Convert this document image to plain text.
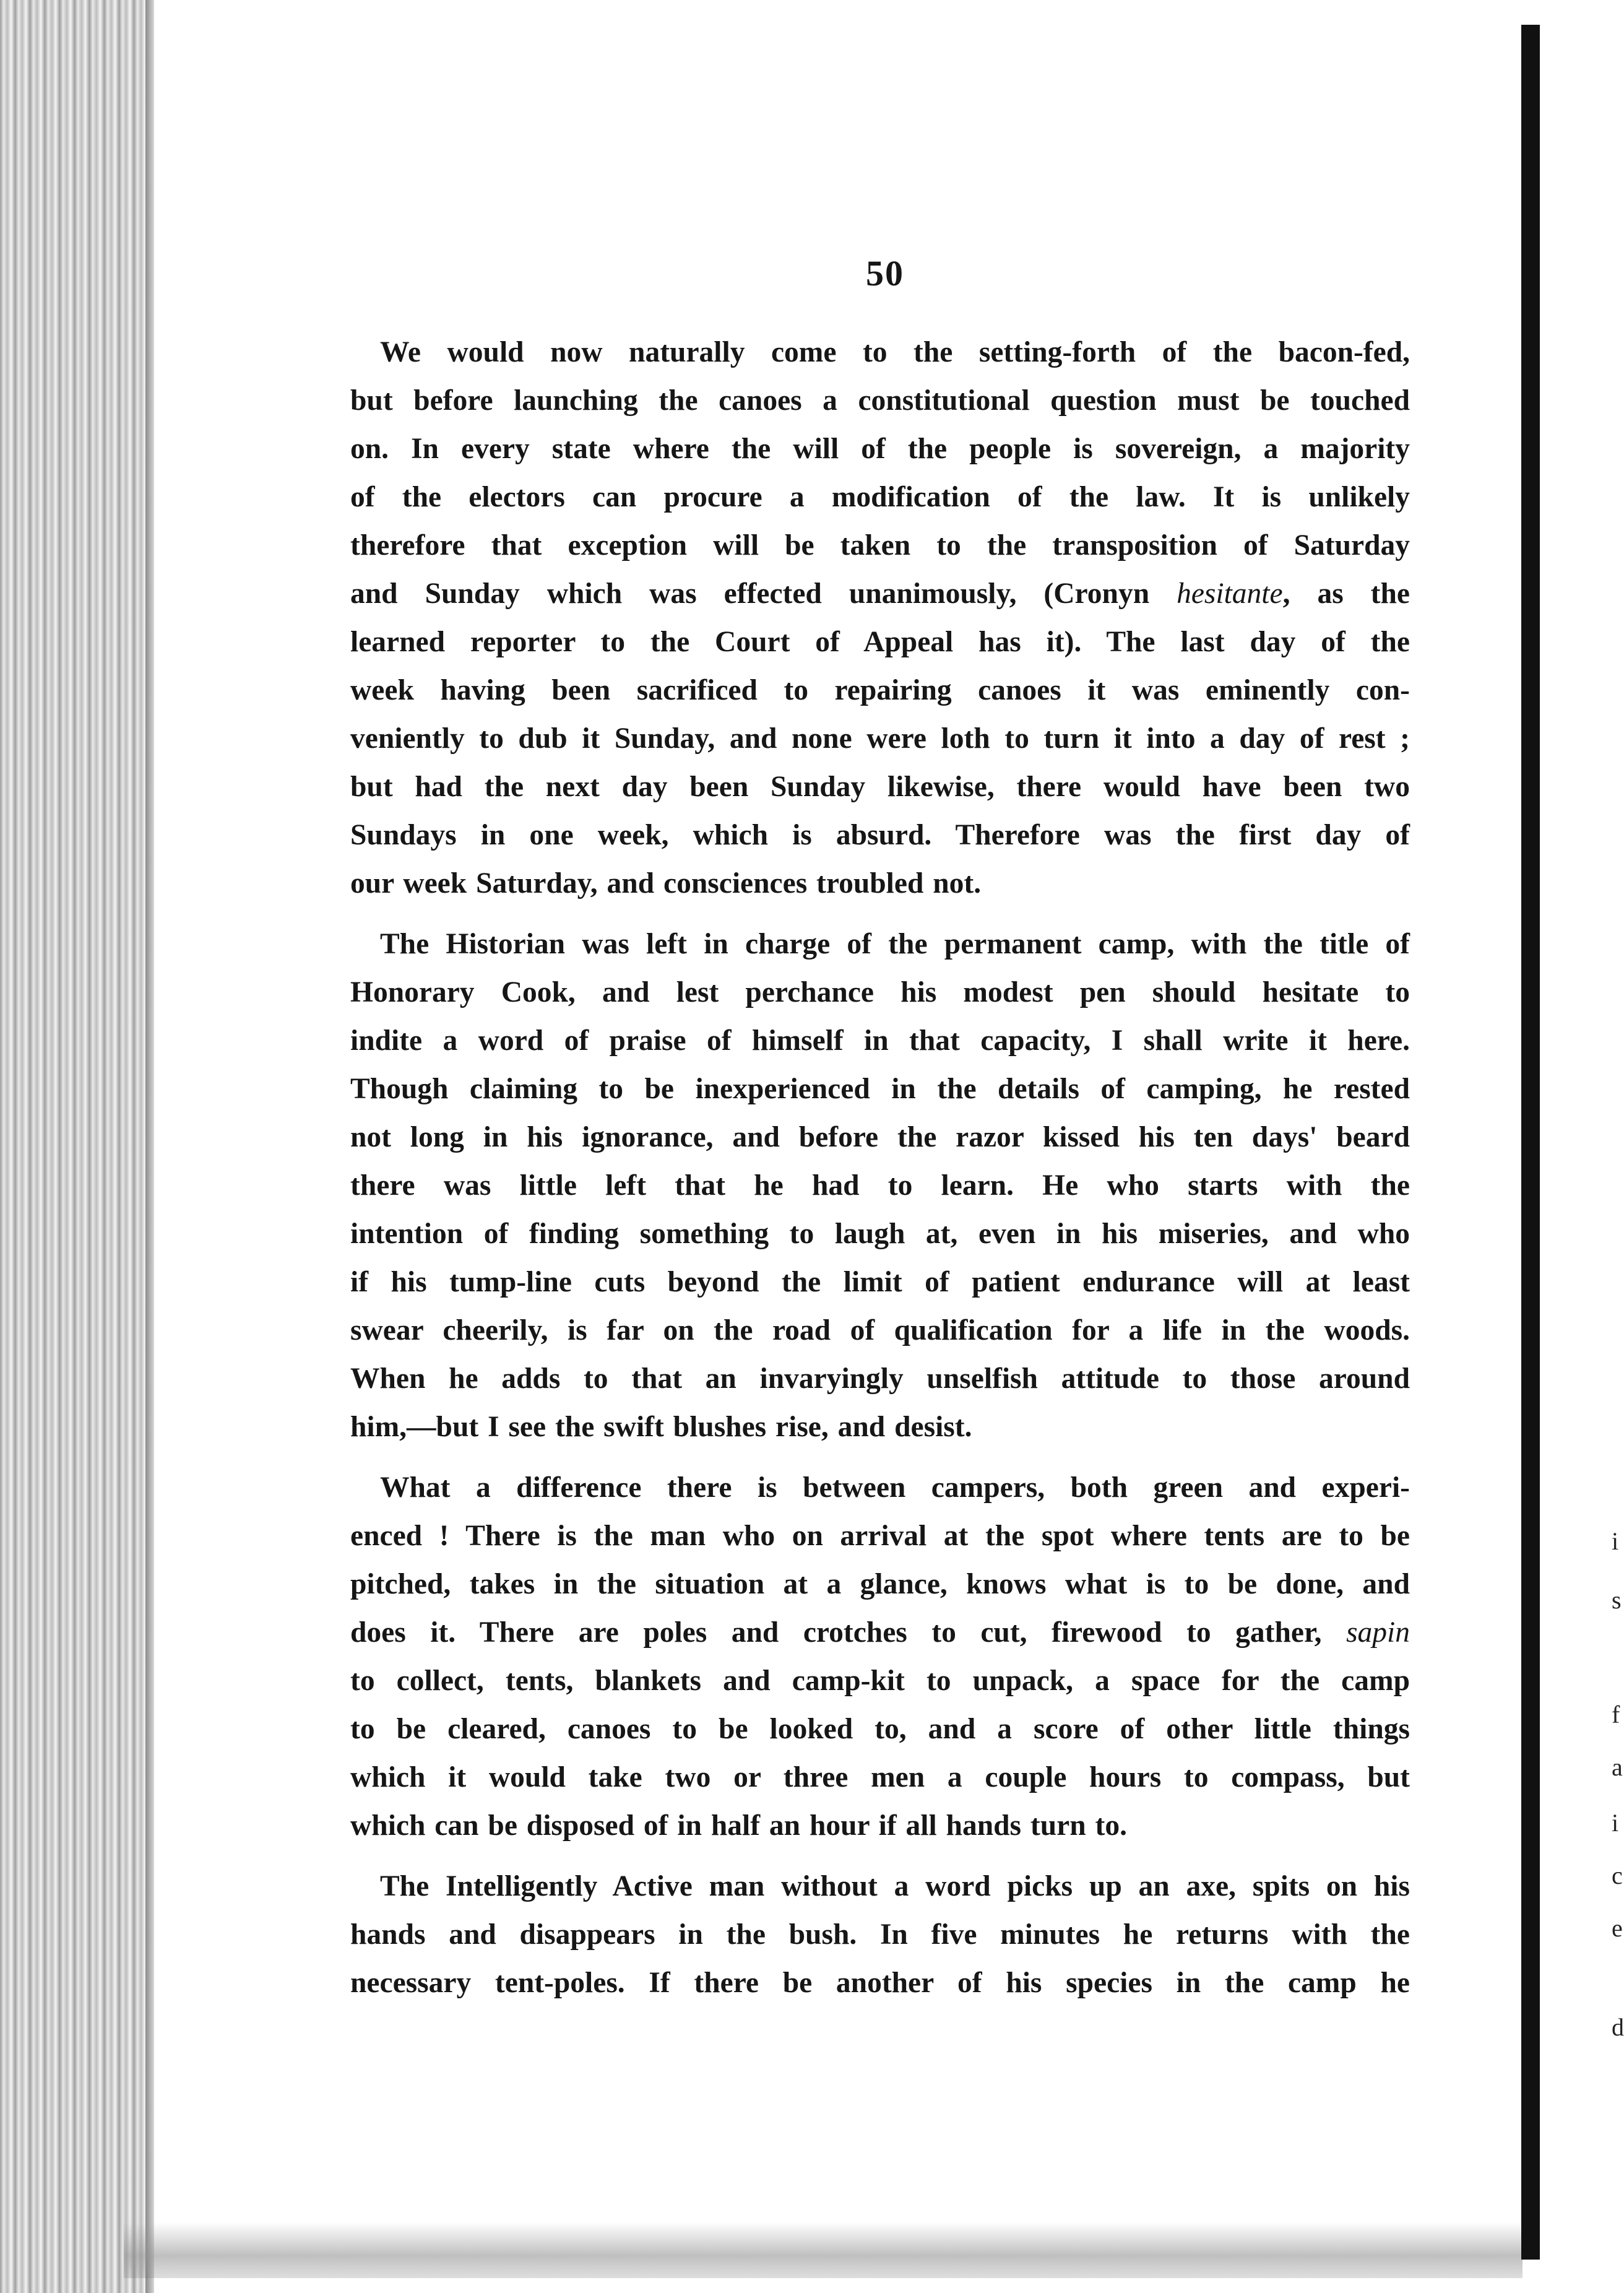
i
s
f
a
i
c
e
d
50

We would now naturally come to the setting-forth of the bacon-fed,
but before launching the canoes a constitutional question must be touched
on. In every state where the will of the people is sovereign, a majority
of the electors can procure a modification of the law. It is unlikely
therefore that exception will be taken to the transposition of Saturday
and Sunday which was effected unanimously, (Cronyn hesitante, as the
learned reporter to the Court of Appeal has it). The last day of the
week having been sacrificed to repairing canoes it was eminently con-
veniently to dub it Sunday, and none were loth to turn it into a day of rest ;
but had the next day been Sunday likewise, there would have been two
Sundays in one week, which is absurd. Therefore was the first day of
our week Saturday, and consciences troubled not.

The Historian was left in charge of the permanent camp, with the title of
Honorary Cook, and lest perchance his modest pen should hesitate to
indite a word of praise of himself in that capacity, I shall write it here.
Though claiming to be inexperienced in the details of camping, he rested
not long in his ignorance, and before the razor kissed his ten days' beard
there was little left that he had to learn. He who starts with the
intention of finding something to laugh at, even in his miseries, and who
if his tump-line cuts beyond the limit of patient endurance will at least
swear cheerily, is far on the road of qualification for a life in the woods.
When he adds to that an invaryingly unselfish attitude to those around
him,—but I see the swift blushes rise, and desist.

What a difference there is between campers, both green and experi-
enced ! There is the man who on arrival at the spot where tents are to be
pitched, takes in the situation at a glance, knows what is to be done, and
does it. There are poles and crotches to cut, firewood to gather, sapin
to collect, tents, blankets and camp-kit to unpack, a space for the camp
to be cleared, canoes to be looked to, and a score of other little things
which it would take two or three men a couple hours to compass, but
which can be disposed of in half an hour if all hands turn to.

The Intelligently Active man without a word picks up an axe, spits on his
hands and disappears in the bush. In five minutes he returns with the
necessary tent-poles. If there be another of his species in the camp he
